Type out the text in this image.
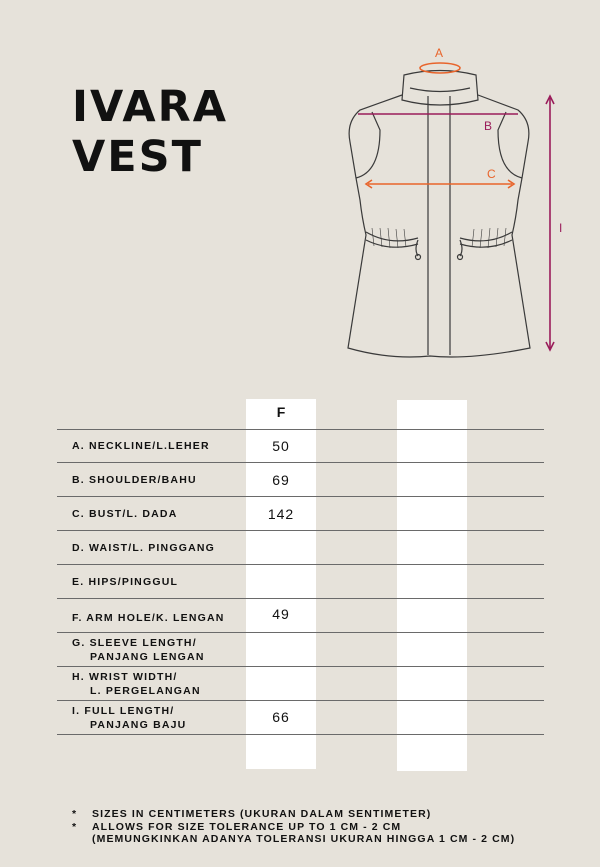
IVARA
VEST
A
B
C
I
F
A. NECKLINE/L.LEHER	50
B. SHOULDER/BAHU	69
C. BUST/L. DADA	142
D. WAIST/L. PINGGANG
E. HIPS/PINGGUL
F. ARM HOLE/K. LENGAN	49
G. SLEEVE LENGTH/
PANJANG LENGAN
H. WRIST WIDTH/
L. PERGELANGAN
I. FULL LENGTH/
PANJANG BAJU	66
* SIZES IN CENTIMETERS (UKURAN DALAM SENTIMETER)
* ALLOWS FOR SIZE TOLERANCE UP TO 1 CM - 2 CM
(MEMUNGKINKAN ADANYA TOLERANSI UKURAN HINGGA 1 CM - 2 CM)
